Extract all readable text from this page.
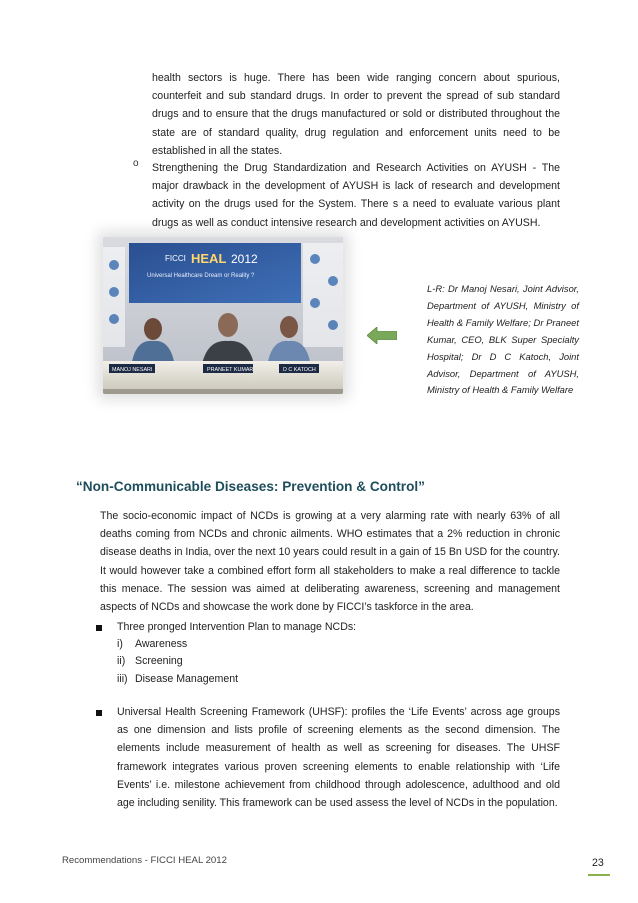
health sectors is huge. There has been wide ranging concern about spurious, counterfeit and sub standard drugs. In order to prevent the spread of sub standard drugs and to ensure that the drugs manufactured or sold or distributed throughout the state are of standard quality, drug regulation and enforcement units need to be established in all the states.

o Strengthening the Drug Standardization and Research Activities on AYUSH - The major drawback in the development of AYUSH is lack of research and development activity on the drugs used for the System. There s a need to evaluate various plant drugs as well as conduct intensive research and development activities on AYUSH.

FICCI HEAL 2012
Universal Healthcare Dream or Reality ?
MANOJ NESARI	PRANEET KUMAR	D C KATOCH

L-R: Dr Manoj Nesari, Joint Advisor, Department of AYUSH, Ministry of Health & Family Welfare; Dr Praneet Kumar, CEO, BLK Super Specialty Hospital; Dr D C Katoch, Joint Advisor, Department of AYUSH, Ministry of Health & Family Welfare

“Non-Communicable Diseases: Prevention & Control”

The socio-economic impact of NCDs is growing at a very alarming rate with nearly 63% of all deaths coming from NCDs and chronic ailments. WHO estimates that a 2% reduction in chronic disease deaths in India, over the next 10 years could result in a gain of 15 Bn USD for the country. It would however take a combined effort form all stakeholders to make a real difference to tackle this menace. The session was aimed at deliberating awareness, screening and management aspects of NCDs and showcase the work done by FICCI’s taskforce in the area.

Three pronged Intervention Plan to manage NCDs:

i)	Awareness
ii) Screening
iii) Disease Management

Universal Health Screening Framework (UHSF): profiles the ‘Life Events’ across age groups as one dimension and lists profile of screening elements as the second dimension. The elements include measurement of health as well as screening for diseases. The UHSF framework integrates various proven screening elements to enable relationship with ‘Life Events’ i.e. milestone achievement from childhood through adolescence, adulthood and old age including senility. This framework can be used assess the level of NCDs in the population.

Recommendations - FICCI HEAL 2012	23
